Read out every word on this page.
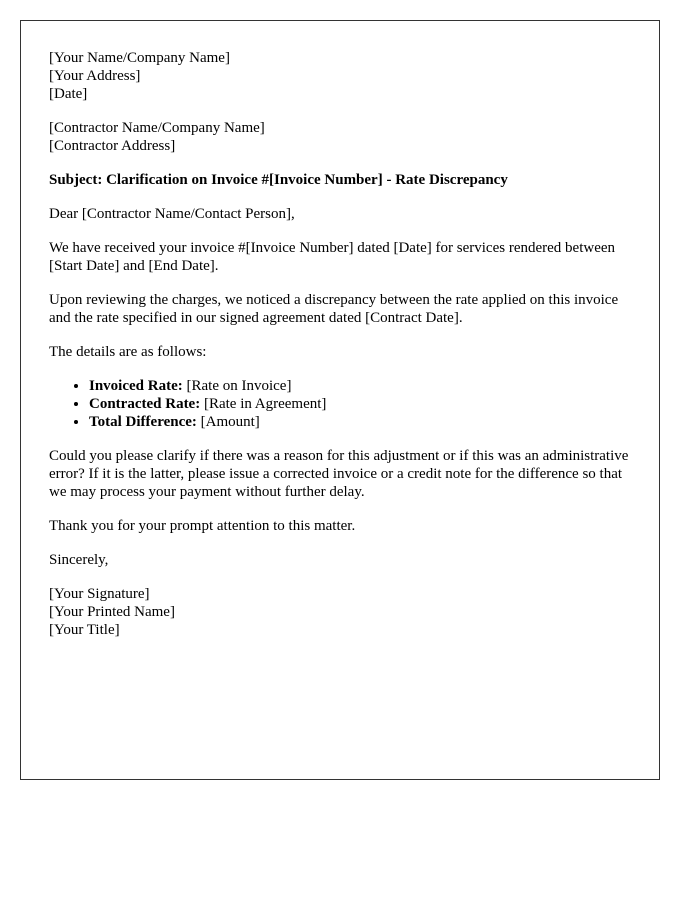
[Your Name/Company Name]
[Your Address]
[Date]
[Contractor Name/Company Name]
[Contractor Address]
Subject: Clarification on Invoice #[Invoice Number] - Rate Discrepancy

Dear [Contractor Name/Contact Person],

We have received your invoice #[Invoice Number] dated [Date] for services rendered between [Start Date] and [End Date].

Upon reviewing the charges, we noticed a discrepancy between the rate applied on this invoice and the rate specified in our signed agreement dated [Contract Date].

The details are as follows:

• Invoiced Rate: [Rate on Invoice]
• Contracted Rate: [Rate in Agreement]
• Total Difference: [Amount]

Could you please clarify if there was a reason for this adjustment or if this was an administrative error? If it is the latter, please issue a corrected invoice or a credit note for the difference so that we may process your payment without further delay.

Thank you for your prompt attention to this matter.

Sincerely,

[Your Signature]
[Your Printed Name]
[Your Title]
